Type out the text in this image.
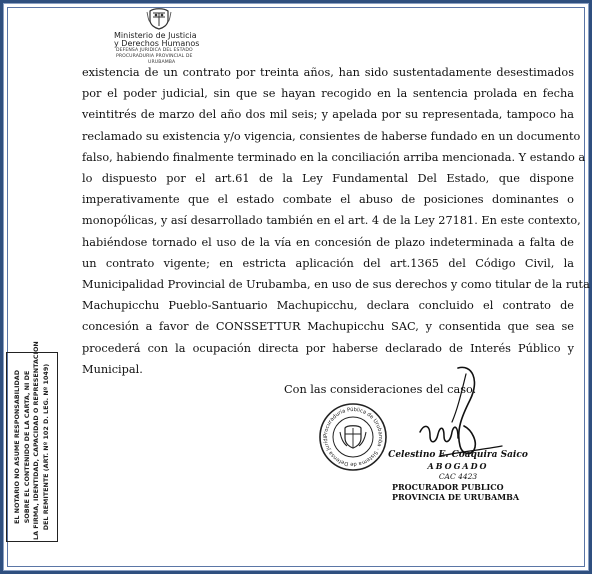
Ministerio de Justicia
y Derechos Humanos
DEFENSA JURIDICA DEL ESTADO
PROCURADURIA PROVINCIAL DE
URUBAMBA
existencia de un contrato por treinta años, han sido sustentadamente desestimados
por el poder judicial, sin que se hayan recogido en la sentencia prolada en fecha
veintitrés de marzo del año dos mil seis; y apelada por su representada, tampoco ha
reclamado su existencia y/o vigencia, consientes de haberse fundado en un documento
falso, habiendo finalmente terminado en la conciliación arriba mencionada. Y estando a
lo dispuesto por el art.61 de la Ley Fundamental Del Estado, que dispone
imperativamente que el estado combate el abuso de posiciones dominantes o
monopólicas, y así desarrollado también en el art. 4 de la Ley 27181. En este contexto,
habiéndose tornado el uso de la vía en concesión de plazo indeterminada a falta de
un contrato vigente; en estricta aplicación del art.1365 del Código Civil, la
Municipalidad Provincial de Urubamba, en uso de sus derechos y como titular de la ruta
Machupicchu Pueblo-Santuario Machupicchu, declara concluido el contrato de
concesión a favor de CONSSETTUR Machupicchu SAC, y consentida que sea se
procederá con la ocupación directa por haberse declarado de Interés Público y
Municipal.
Con las consideraciones del caso.
Procuraduría Pública de Urubamba · Sistema de Defensa Jurídi
Celestino E. Coaquira Saico
ABOGADO
CAC 4423
PROCURADOR PUBLICO
PROVINCIA DE URUBAMBA
EL NOTARIO NO ASUME RESPONSABILIDAD SOBRE EL CONTENIDO DE LA CARTA, NI DE LA FIRMA, IDENTIDAD, CAPACIDAD O REPRESENTACION DEL REMITENTE (ART. Nº 102 D. LEG. Nº 1049)
